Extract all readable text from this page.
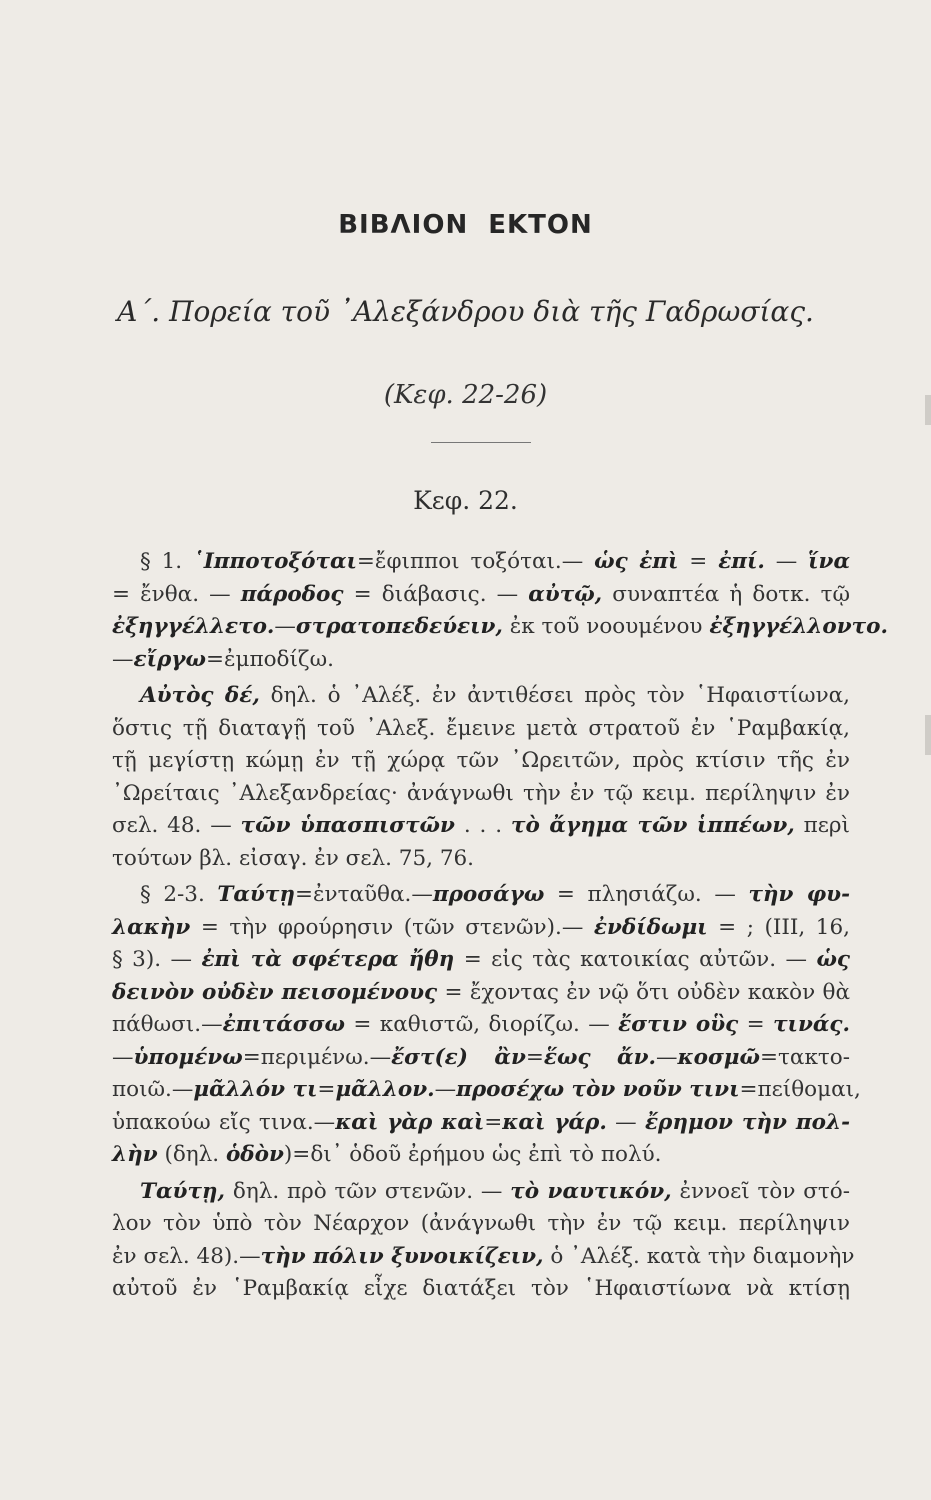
ΒΙΒΛΙΟΝ ΕΚΤΟΝ
Α΄. Πορεία τοῦ ᾿Αλεξάνδρου διὰ τῆς Γαδρωσίας.
(Κεφ. 22-26)
Κεφ. 22.
§ 1. ῾Ιπποτοξόται=ἔφιπποι τοξόται.— ὡς ἐπὶ = ἐπί. — ἵνα
= ἔνθα. — πάροδος = διάβασις. — αὐτῷ, συναπτέα ἡ δοτκ. τῷ
ἐξηγγέλλετο.—στρατοπεδεύειν, ἐκ τοῦ νοουμένου ἐξηγγέλλοντο.
—εἴργω=ἐμποδίζω.
Αὐτὸς δέ, δηλ. ὁ ᾿Αλέξ. ἐν ἀντιθέσει πρὸς τὸν ῾Ηφαιστίωνα,
ὅστις τῇ διαταγῇ τοῦ ᾿Αλεξ. ἔμεινε μετὰ στρατοῦ ἐν ῾Ραμβακίᾳ,
τῇ μεγίστῃ κώμῃ ἐν τῇ χώρᾳ τῶν ᾿Ωρειτῶν, πρὸς κτίσιν τῆς ἐν
᾿Ωρείταις ᾿Αλεξανδρείας· ἀνάγνωθι τὴν ἐν τῷ κειμ. περίληψιν ἐν
σελ. 48. — τῶν ὑπασπιστῶν . . . τὸ ἄγημα τῶν ἱππέων, περὶ
τούτων βλ. εἰσαγ. ἐν σελ. 75, 76.
§ 2-3. Ταύτῃ=ἐνταῦθα.—προσάγω = πλησιάζω. — τὴν φυ-
λακὴν = τὴν φρούρησιν (τῶν στενῶν).— ἐνδίδωμι = ; (ΙΙΙ, 16,
§ 3). — ἐπὶ τὰ σφέτερα ἤθη = εἰς τὰς κατοικίας αὐτῶν. — ὡς
δεινὸν οὐδὲν πεισομένους = ἔχοντας ἐν νῷ ὅτι οὐδὲν κακὸν θὰ
πάθωσι.—ἐπιτάσσω = καθιστῶ, διορίζω. — ἔστιν οὓς = τινάς.
—ὑπομένω=περιμένω.—ἔστ(ε) ἂν=ἕως ἄν.—κοσμῶ=τακτο-
ποιῶ.—μᾶλλόν τι=μᾶλλον.—προσέχω τὸν νοῦν τινι=πείθομαι,
ὑπακούω εἴς τινα.—καὶ γὰρ καὶ=καὶ γάρ. — ἔρημον τὴν πολ-
λὴν (δηλ. ὁδὸν)=δι᾿ ὁδοῦ ἐρήμου ὡς ἐπὶ τὸ πολύ.
Ταύτῃ, δηλ. πρὸ τῶν στενῶν. — τὸ ναυτικόν, ἐννοεῖ τὸν στό-
λον τὸν ὑπὸ τὸν Νέαρχον (ἀνάγνωθι τὴν ἐν τῷ κειμ. περίληψιν
ἐν σελ. 48).—τὴν πόλιν ξυνοικίζειν, ὁ ᾿Αλέξ. κατὰ τὴν διαμονὴν
αὐτοῦ ἐν ῾Ραμβακίᾳ εἶχε διατάξει τὸν ῾Ηφαιστίωνα νὰ κτίσῃ
